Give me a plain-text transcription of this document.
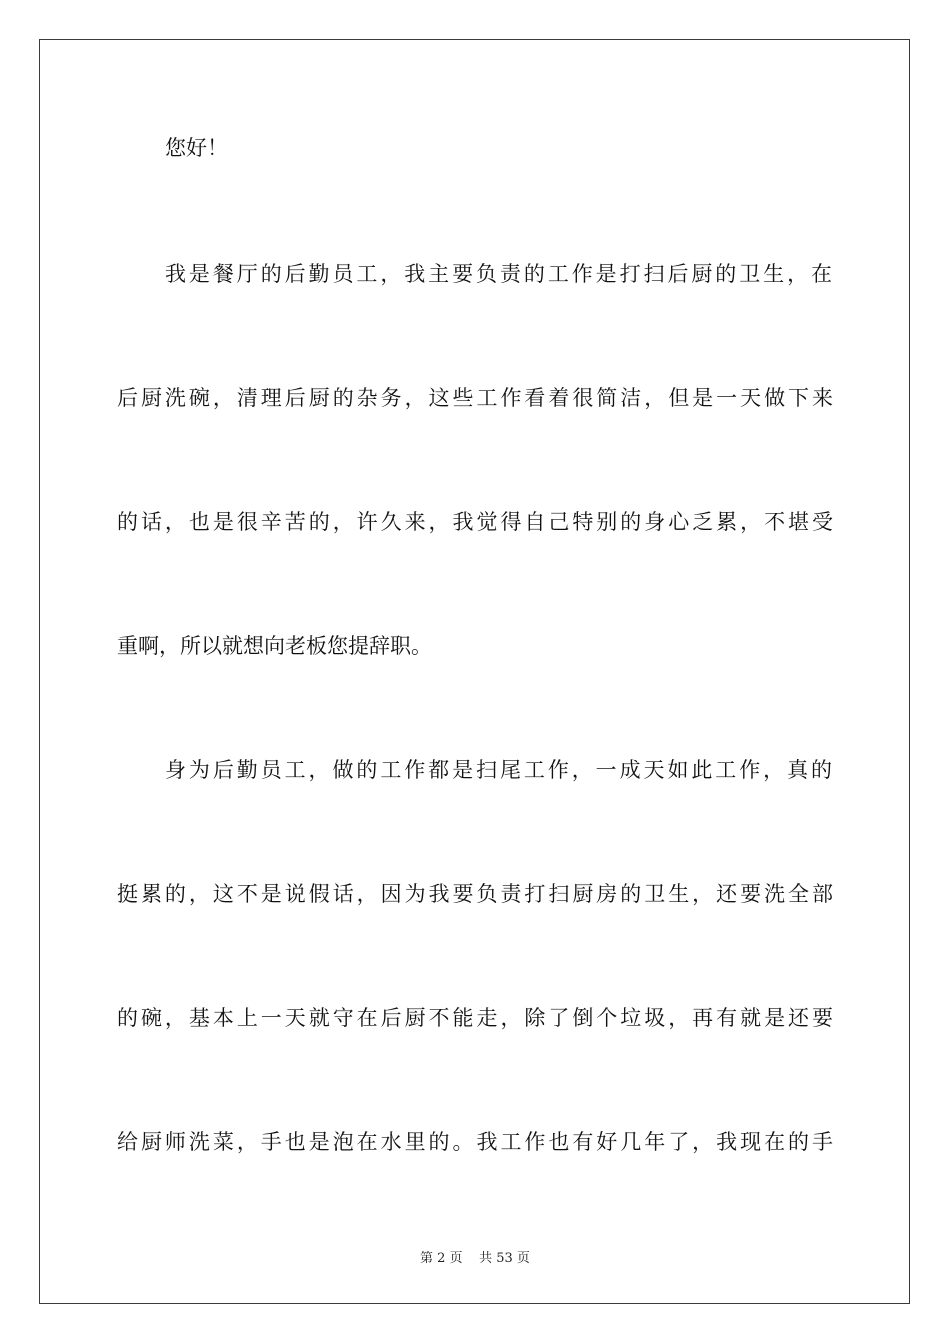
您好！
我是餐厅的后勤员工，我主要负责的工作是打扫后厨的卫生，在
后厨洗碗，清理后厨的杂务，这些工作看着很简洁，但是一天做下来
的话，也是很辛苦的，许久来，我觉得自己特别的身心乏累，不堪受
重啊，所以就想向老板您提辞职。
身为后勤员工，做的工作都是扫尾工作，一成天如此工作，真的
挺累的，这不是说假话，因为我要负责打扫厨房的卫生，还要洗全部
的碗，基本上一天就守在后厨不能走，除了倒个垃圾，再有就是还要
给厨师洗菜，手也是泡在水里的。我工作也有好几年了，我现在的手
第 2 页 共 53 页
